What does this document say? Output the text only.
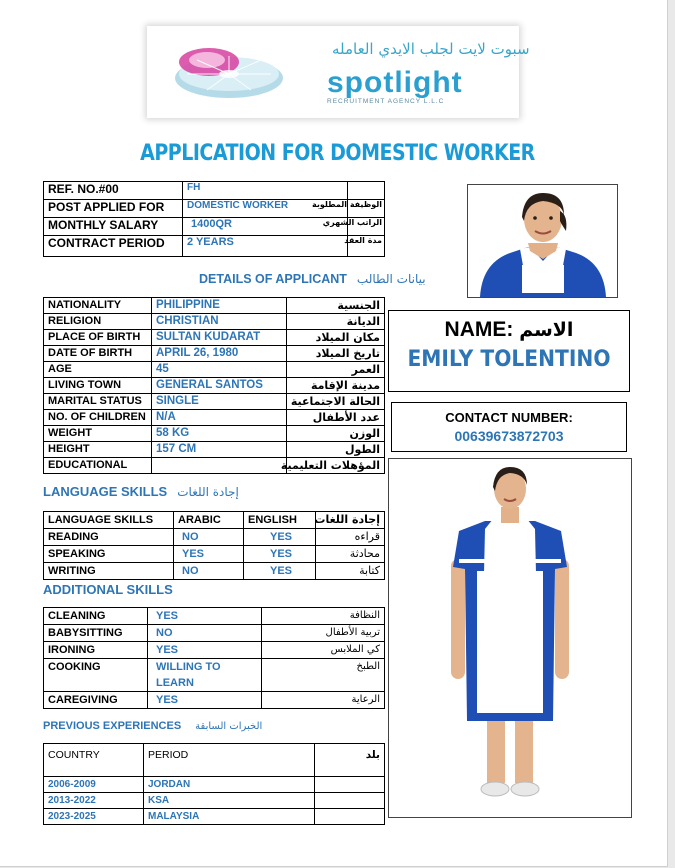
سبوت لايت لجلب الايدي العامله
spotlight
RECRUITMENT AGENCY L.L.C
APPLICATION FOR DOMESTIC WORKER
REF. NO.#00	FH	
POST APPLIED FOR	DOMESTIC WORKER	الوظيفة المطلوبة
MONTHLY SALARY	1400QR	الراتب الشهري
CONTRACT PERIOD	2 YEARS	مدة العقد
DETAILS OF APPLICANT بيانات الطالب
NATIONALITY	PHILIPPINE	الجنسية
RELIGION	CHRISTIAN	الديانة
PLACE OF BIRTH	SULTAN KUDARAT	مكان الميلاد
DATE OF BIRTH	APRIL 26, 1980	تاريخ الميلاد
AGE	45	العمر
LIVING TOWN	GENERAL SANTOS	مدينة الإقامة
MARITAL STATUS	SINGLE	الحالة الاجتماعية
NO. OF CHILDREN	N/A	عدد الأطفال
WEIGHT	58 KG	الوزن
HEIGHT	157 CM	الطول
EDUCATIONAL		المؤهلات التعليمية
NAME: الاسم
EMILY TOLENTINO
CONTACT NUMBER:
00639673872703
LANGUAGE SKILLS إجادة اللغات
LANGUAGE SKILLS	ARABIC	ENGLISH	إجادة اللغات
READING	NO	YES	قراءه
SPEAKING	YES	YES	محادثة
WRITING	NO	YES	كتابة
ADDITIONAL SKILLS
CLEANING	YES	النظافة
BABYSITTING	NO	تربية الأطفال
IRONING	YES	كي الملابس
COOKING	WILLING TO LEARN	الطبخ
CAREGIVING	YES	الرعاية
PREVIOUS EXPERIENCES الخبرات السابقة
COUNTRY	PERIOD	بلد
2006-2009	JORDAN	
2013-2022	KSA	
2023-2025	MALAYSIA	
